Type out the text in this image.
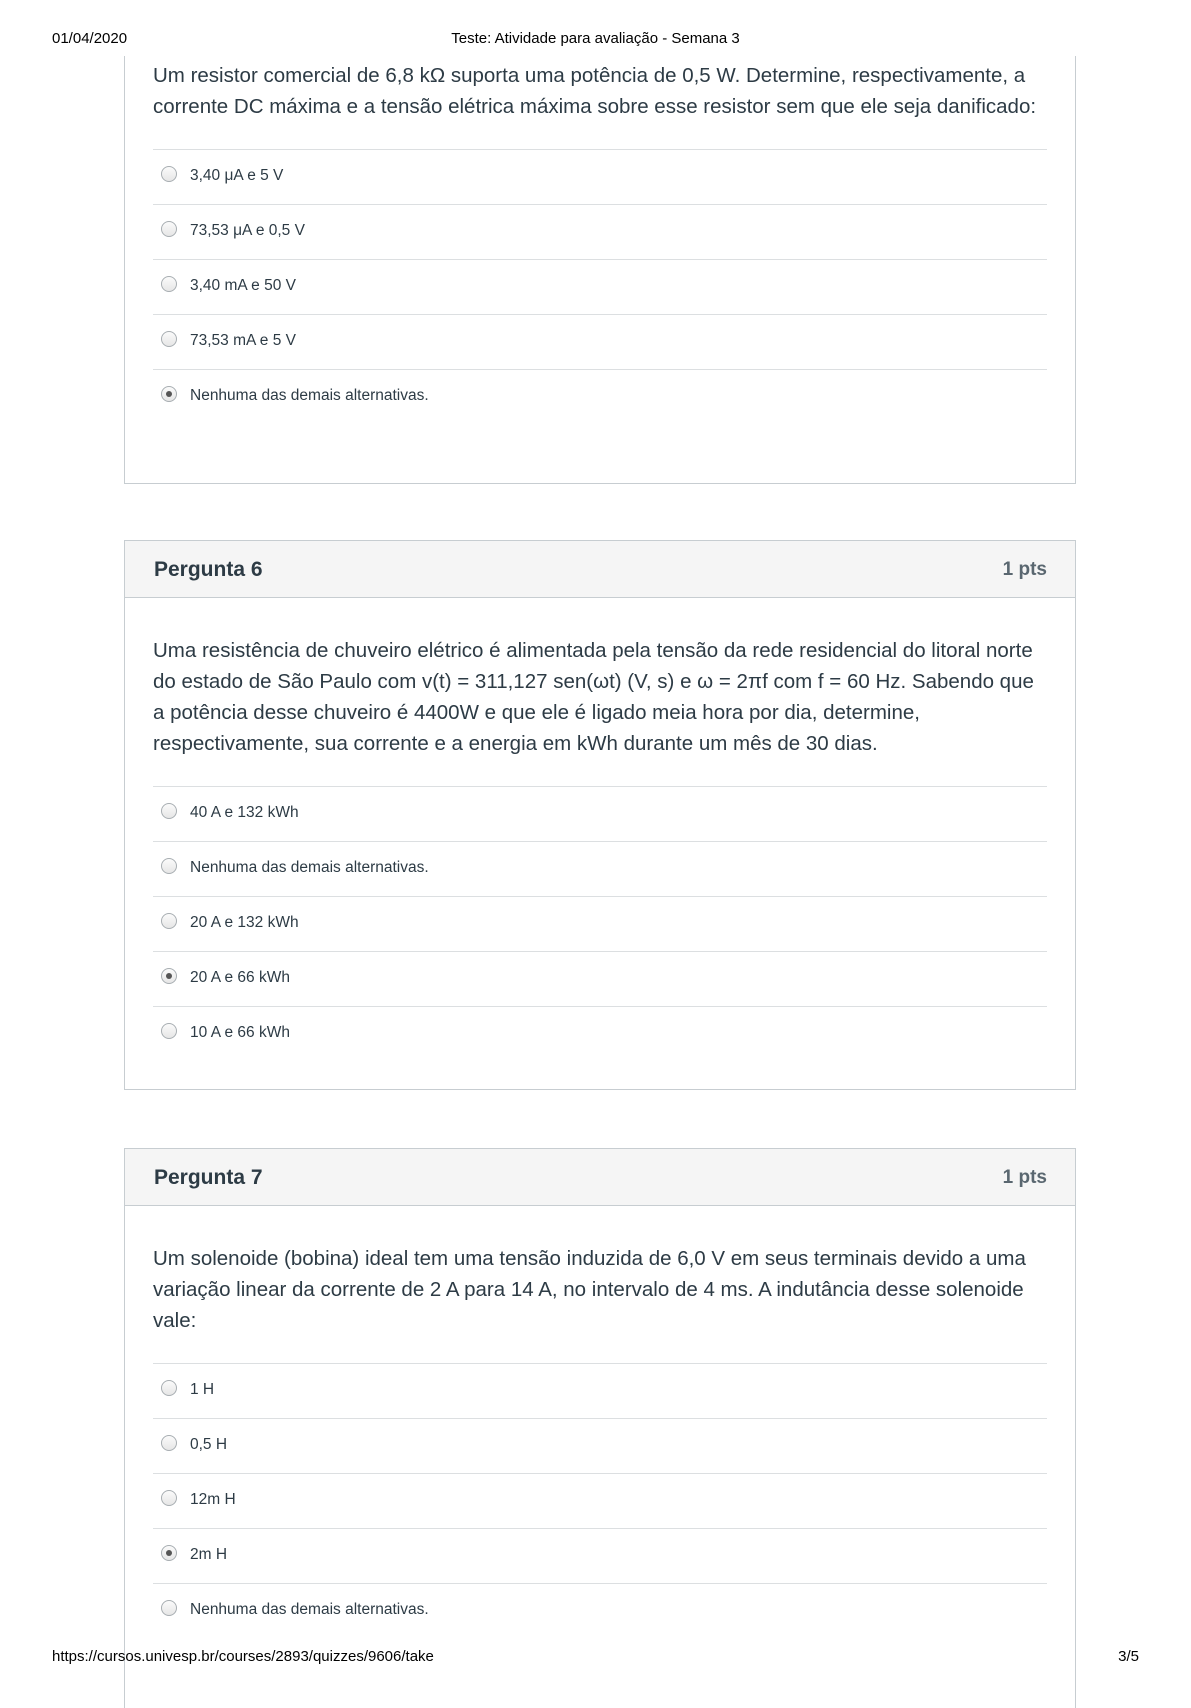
01/04/2020	Teste: Atividade para avaliação - Semana 3
Um resistor comercial de 6,8 kΩ suporta uma potência de 0,5 W. Determine, respectivamente, a corrente DC máxima e a tensão elétrica máxima sobre esse resistor sem que ele seja danificado:
3,40 μA e 5 V
73,53 μA e 0,5 V
3,40 mA e 50 V
73,53 mA e 5 V
Nenhuma das demais alternativas.
Pergunta 6	1 pts
Uma resistência de chuveiro elétrico é alimentada pela tensão da rede residencial do litoral norte do estado de São Paulo com v(t) = 311,127 sen(ωt) (V, s) e ω = 2πf com f = 60 Hz. Sabendo que a potência desse chuveiro é 4400W e que ele é ligado meia hora por dia, determine, respectivamente, sua corrente e a energia em kWh durante um mês de 30 dias.
40 A e 132 kWh
Nenhuma das demais alternativas.
20 A e 132 kWh
20 A e 66 kWh
10 A e 66 kWh
Pergunta 7	1 pts
Um solenoide (bobina) ideal tem uma tensão induzida de 6,0 V em seus terminais devido a uma variação linear da corrente de 2 A para 14 A, no intervalo de 4 ms. A indutância desse solenoide vale:
1 H
0,5 H
12m H
2m H
Nenhuma das demais alternativas.
https://cursos.univesp.br/courses/2893/quizzes/9606/take	3/5
